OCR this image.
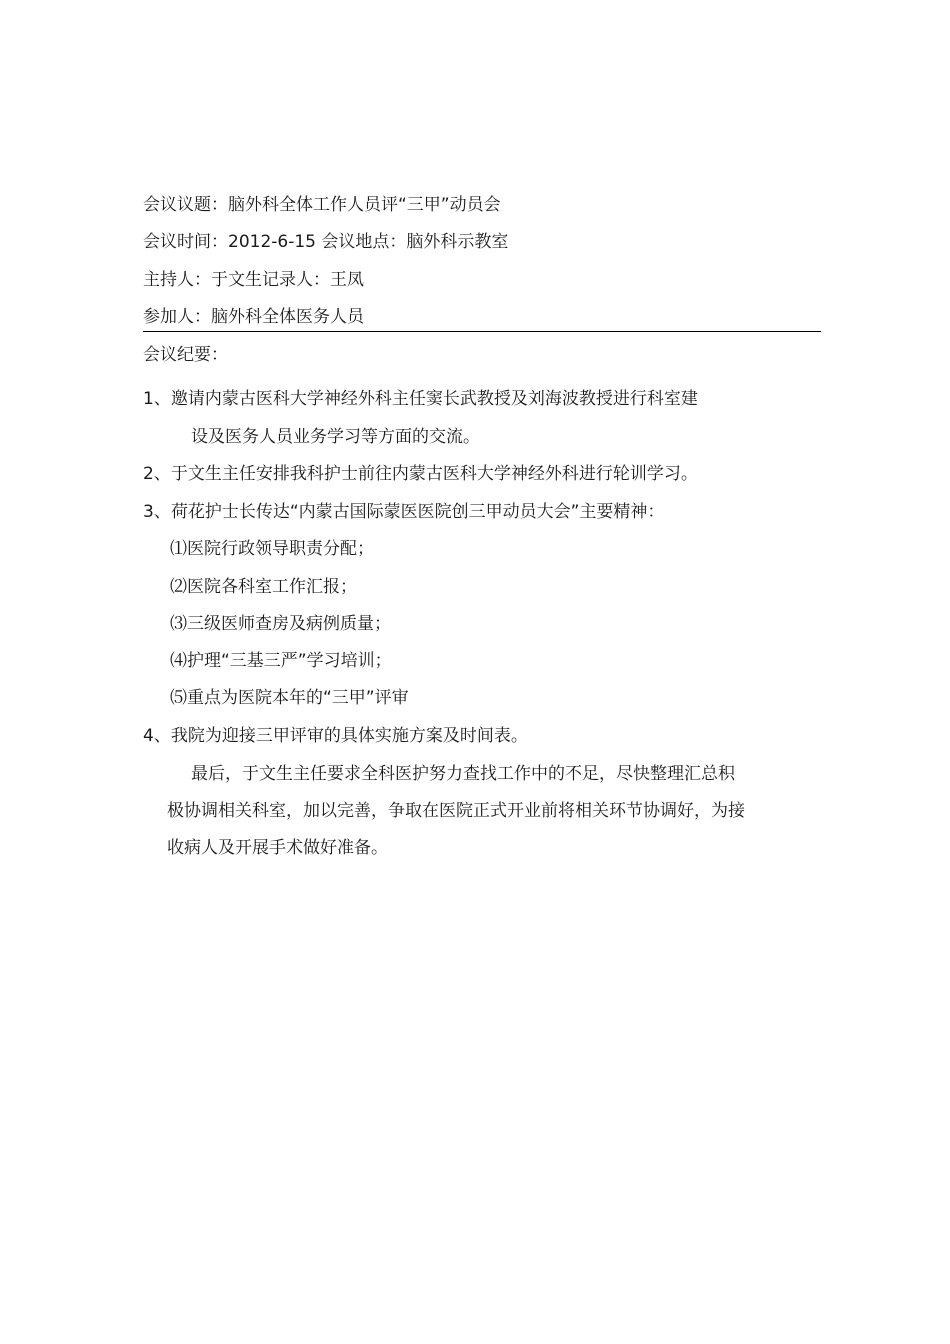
会议议题：脑外科全体工作人员评“三甲”动员会
会议时间：2012-6-15 会议地点：脑外科示教室
主持人：于文生记录人：王凤
参加人：脑外科全体医务人员
会议纪要：
1、邀请内蒙古医科大学神经外科主任窦长武教授及刘海波教授进行科室建
设及医务人员业务学习等方面的交流。
2、于文生主任安排我科护士前往内蒙古医科大学神经外科进行轮训学习。
3、荷花护士长传达“内蒙古国际蒙医医院创三甲动员大会”主要精神：
⑴医院行政领导职责分配；
⑵医院各科室工作汇报；
⑶三级医师查房及病例质量；
⑷护理“三基三严”学习培训；
⑸重点为医院本年的“三甲”评审
4、我院为迎接三甲评审的具体实施方案及时间表。
最后，于文生主任要求全科医护努力查找工作中的不足，尽快整理汇总积
极协调相关科室，加以完善，争取在医院正式开业前将相关环节协调好，为接
收病人及开展手术做好准备。
